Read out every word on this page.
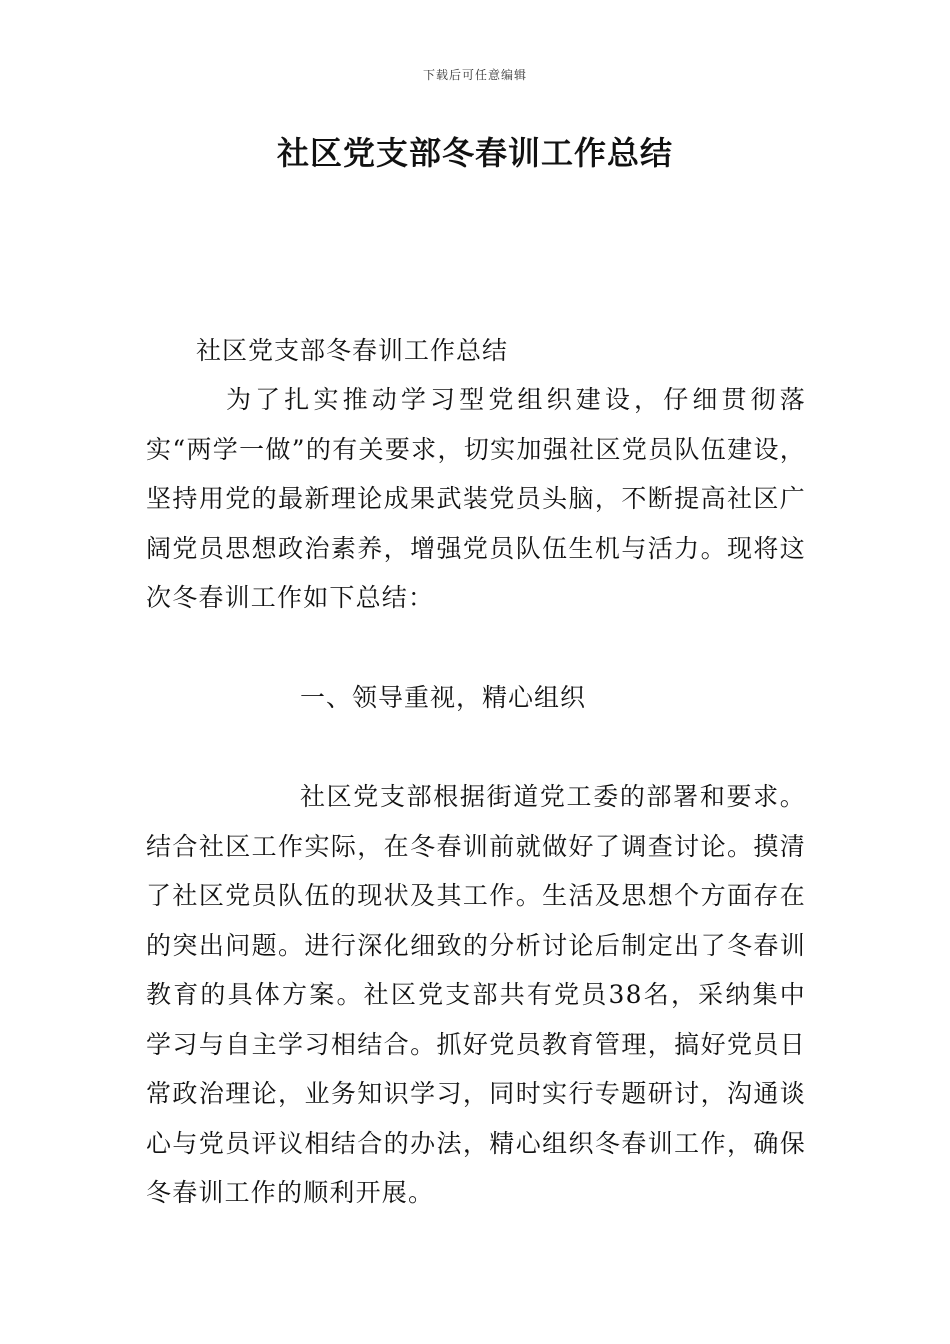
下载后可任意编辑
社区党支部冬春训工作总结

社区党支部冬春训工作总结

为了扎实推动学习型党组织建设，仔细贯彻落实“两学一做”的有关要求，切实加强社区党员队伍建设，坚持用党的最新理论成果武装党员头脑，不断提高社区广阔党员思想政治素养，增强党员队伍生机与活力。现将这次冬春训工作如下总结：

一、领导重视，精心组织

社区党支部根据街道党工委的部署和要求。结合社区工作实际，在冬春训前就做好了调查讨论。摸清了社区党员队伍的现状及其工作。生活及思想个方面存在的突出问题。进行深化细致的分析讨论后制定出了冬春训教育的具体方案。社区党支部共有党员38名，采纳集中学习与自主学习相结合。抓好党员教育管理，搞好党员日常政治理论，业务知识学习，同时实行专题研讨，沟通谈心与党员评议相结合的办法，精心组织冬春训工作，确保冬春训工作的顺利开展。
